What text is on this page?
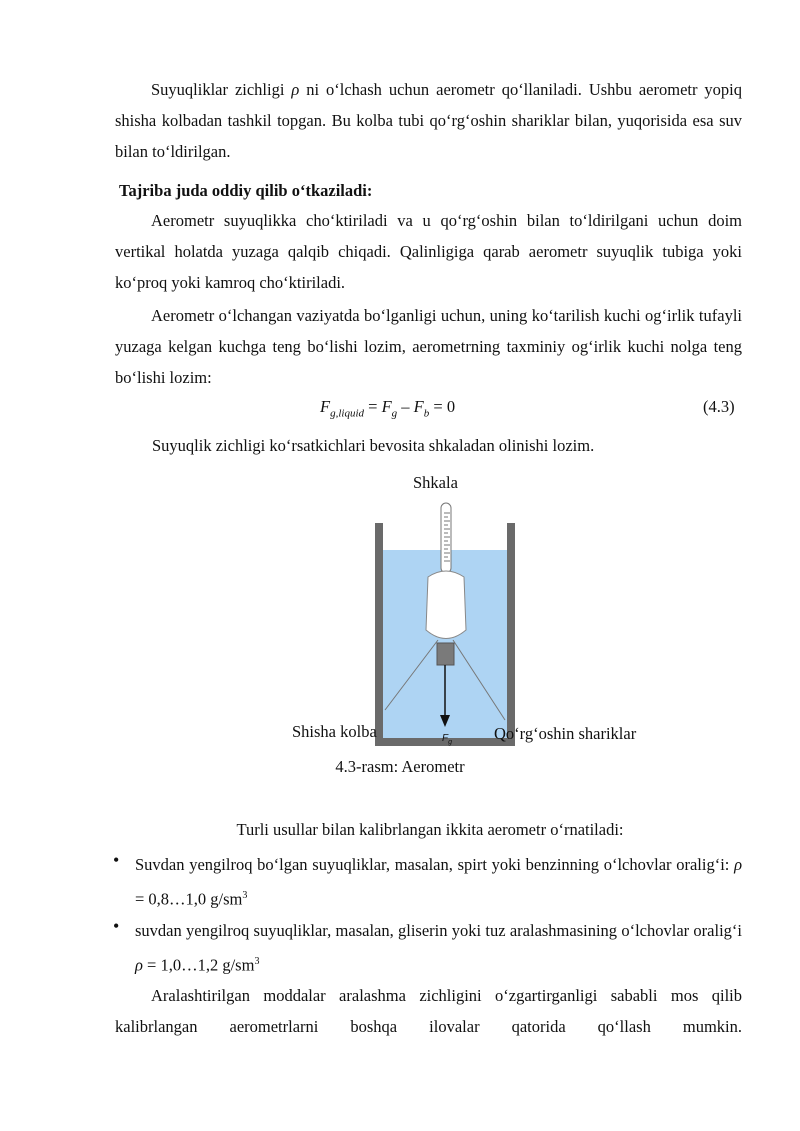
Suyuqliklar zichligi ρ ni o‘lchash uchun aerometr qo‘llaniladi. Ushbu aerometr yopiq shisha kolbadan tashkil topgan. Bu kolba tubi qo‘rg‘oshin shariklar bilan, yuqorisida esa suv bilan to‘ldirilgan.
Tajriba juda oddiy qilib o‘tkaziladi:
Aerometr suyuqlikka cho‘ktiriladi va u qo‘rg‘oshin bilan to‘ldirilgani uchun doim vertikal holatda yuzaga qalqib chiqadi. Qalinligiga qarab aerometr suyuqlik tubiga yoki ko‘proq yoki kamroq cho‘ktiriladi.
Aerometr o‘lchangan vaziyatda bo‘lganligi uchun, uning ko‘tarilish kuchi og‘irlik tufayli yuzaga kelgan kuchga teng bo‘lishi lozim, aerometrning taxminiy og‘irlik kuchi nolga teng bo‘lishi lozim:
$F_{g,liquid} = F_g - F_b = 0$	(4.3)
Suyuqlik zichligi ko‘rsatkichlari bevosita shkaladan olinishi lozim.
Shkala
Shisha kolba	Qo‘rg‘oshin shariklar
$F_g$
4.3-rasm: Aerometr
Turli usullar bilan kalibrlangan ikkita aerometr o‘rnatiladi:
• Suvdan yengilroq bo‘lgan suyuqliklar, masalan, spirt yoki benzinning o‘lchovlar oralig‘i: ρ = 0,8…1,0 $g/sm^3$
• suvdan yengilroq suyuqliklar, masalan, gliserin yoki tuz aralashmasining o‘lchovlar oralig‘i ρ = 1,0…1,2 $g/sm^3$
Aralashtirilgan moddalar aralashma zichligini o‘zgartirganligi sababli mos qilib kalibrlangan aerometrlarni boshqa ilovalar qatorida qo‘llash mumkin.
